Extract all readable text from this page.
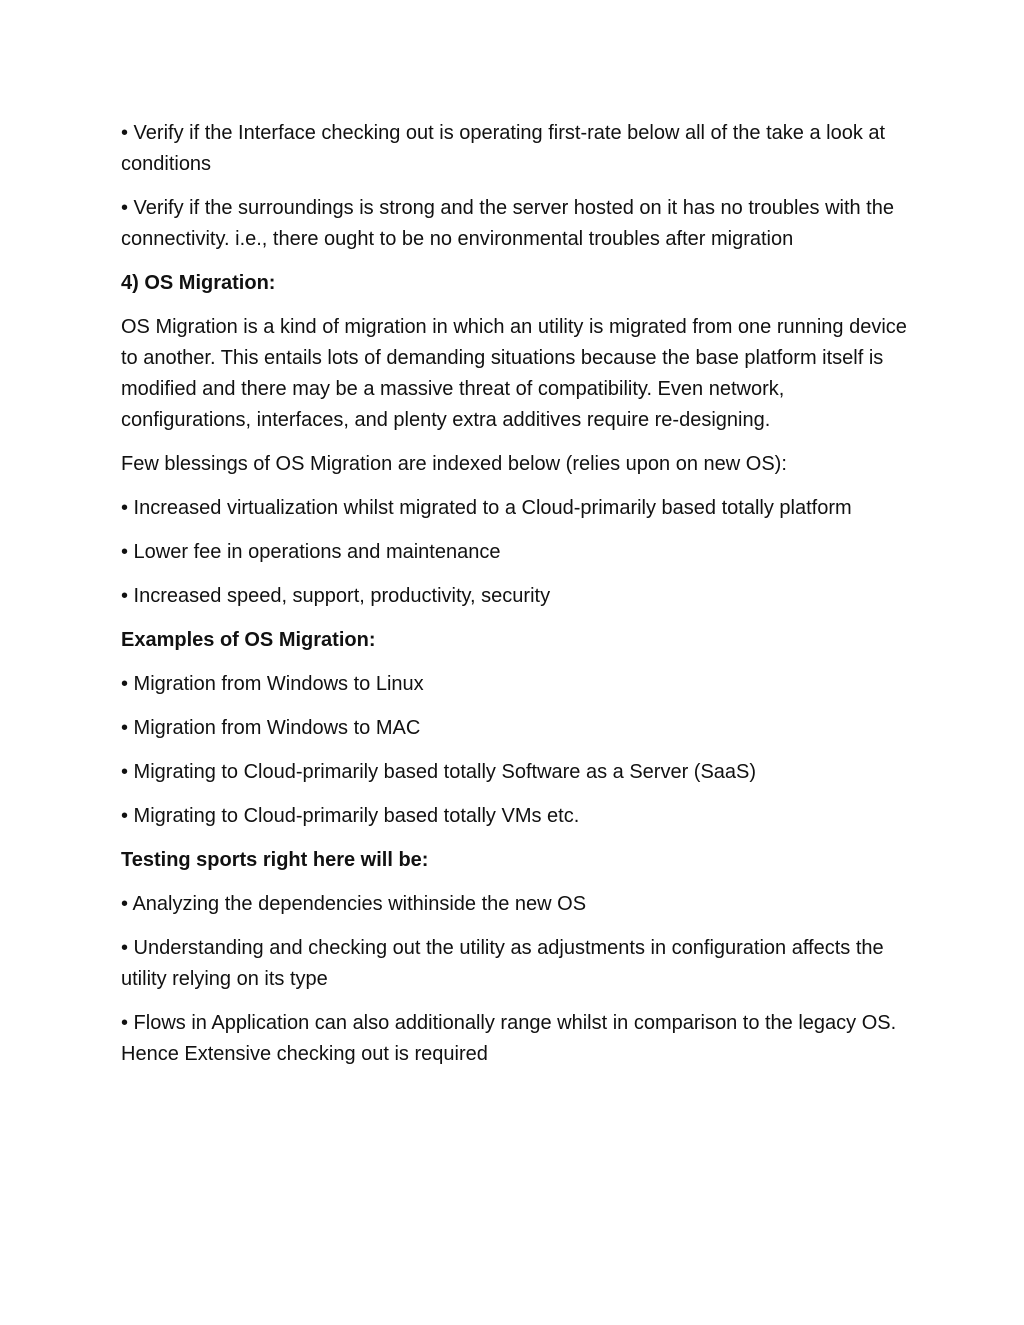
• Verify if the Interface checking out is operating first-rate below all of the take a look at conditions

• Verify if the surroundings is strong and the server hosted on it has no troubles with the connectivity. i.e., there ought to be no environmental troubles after migration

4) OS Migration:

OS Migration is a kind of migration in which an utility is migrated from one running device to another. This entails lots of demanding situations because the base platform itself is modified and there may be a massive threat of compatibility. Even network, configurations, interfaces, and plenty extra additives require re-designing.

Few blessings of OS Migration are indexed below (relies upon on new OS):

• Increased virtualization whilst migrated to a Cloud-primarily based totally platform

• Lower fee in operations and maintenance

• Increased speed, support, productivity, security

Examples of OS Migration:

• Migration from Windows to Linux

• Migration from Windows to MAC

• Migrating to Cloud-primarily based totally Software as a Server (SaaS)

• Migrating to Cloud-primarily based totally VMs etc.

Testing sports right here will be:

• Analyzing the dependencies withinside the new OS

• Understanding and checking out the utility as adjustments in configuration affects the utility relying on its type

• Flows in Application can also additionally range whilst in comparison to the legacy OS. Hence Extensive checking out is required
